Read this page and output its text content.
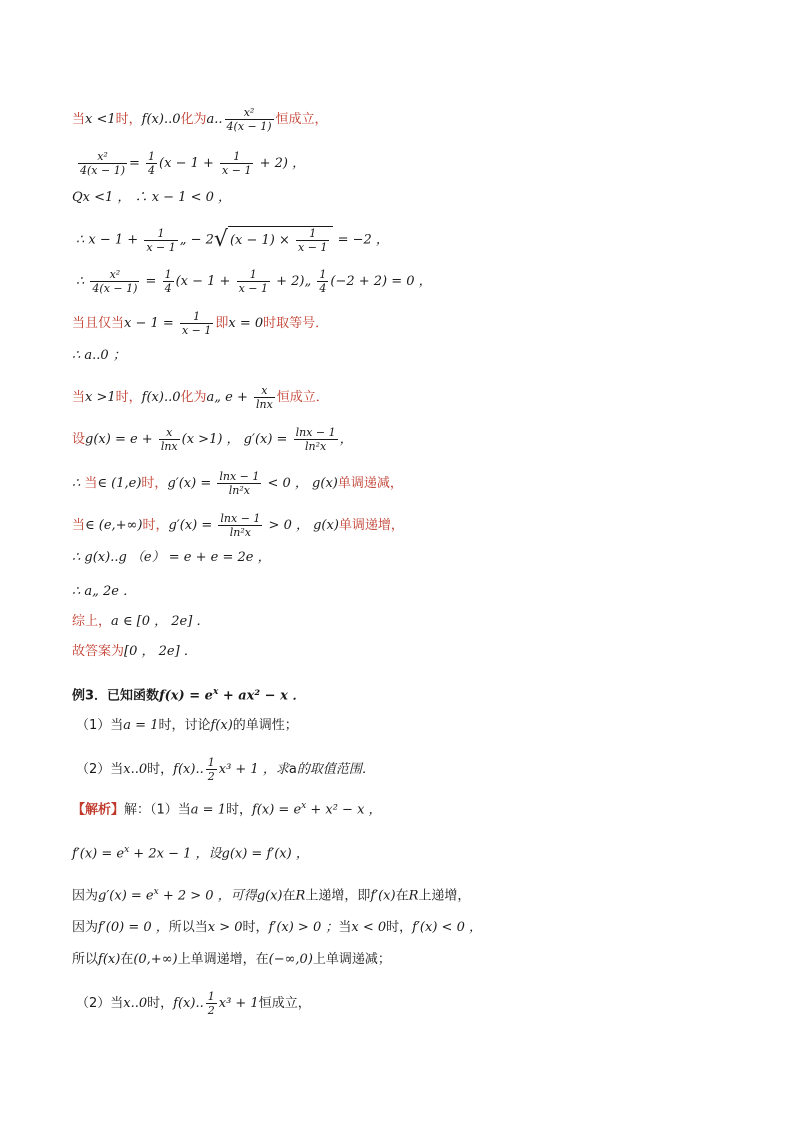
当x <1时，f(x)..0化为a.. $\frac{\text{x²}}{4(x - 1)}$ 恒成立，
$\frac{\text{x²}}{4(x - 1)} = \frac{1}{4} (x - 1 + \frac{1}{x - 1} + 2)$ ，
Qx <1 ， ∴ x − 1 < 0 ，
∴ $x - 1 + \frac{1}{x - 1}$ „ − 2√ $(x - 1) \times \frac{1}{x - 1} = -2$ ，
∴ $\frac{\text{x²}}{4(x - 1)} = \frac{1}{4} (x - 1 + \frac{1}{x - 1}$ + 2)„ $\frac{1}{4} (-2 + 2) = 0$ ，
当且仅当$x - 1 = \frac{1}{x - 1}$ 即x = 0时取等号．
∴ a..0 ；
当x >1时，f(x)..0化为a„ $e + \frac{x}{\ln x}$ 恒成立．
设$g(x) = e + \frac{x}{\ln x} (x >1)$ ， $g'(x) = \frac{\ln x - 1}{\text{ln²x}}$ ，
∴ 当∈ (1,e)时，$g'(x) = \frac{\ln x - 1}{\text{ln²x}} < 0$ ， g(x)单调递减，
当∈ (e,+∞)时，$g'(x) = \frac{\ln x - 1}{\text{ln²x}} > 0$ ， g(x)单调递增，
∴ g(x)..g （e） = e + e = 2e ，
∴ a„ 2e ．
综上，a ∈ [0 ， 2e] ．
故答案为[0 ， 2e] ．
例3．已知函数$f(x) = e^x + ax^2 - x$ ．
（1）当a = 1时，讨论f(x)的单调性；
（2）当x..0时，f(x).. $\frac{1}{2} x^3 + 1$ ，求a的取值范围．
【解析】解：（1）当a = 1时，$f(x) = e^x + x^2 - x$ ，
$f'(x) = e^x + 2x - 1$ ，设g(x) = f′(x) ，
因为$g'(x) = e^x + 2 > 0$ ，可得g(x)在R上递增，即f′(x)在R上递增，
因为f′(0) = 0 ，所以当x > 0时，f′(x) > 0 ；当x < 0时，f′(x) < 0 ，
所以f(x)在(0,+∞)上单调递增，在(−∞,0)上单调递减；
（2）当x..0时，f(x).. $\frac{1}{2} x^3 + 1$恒成立，
